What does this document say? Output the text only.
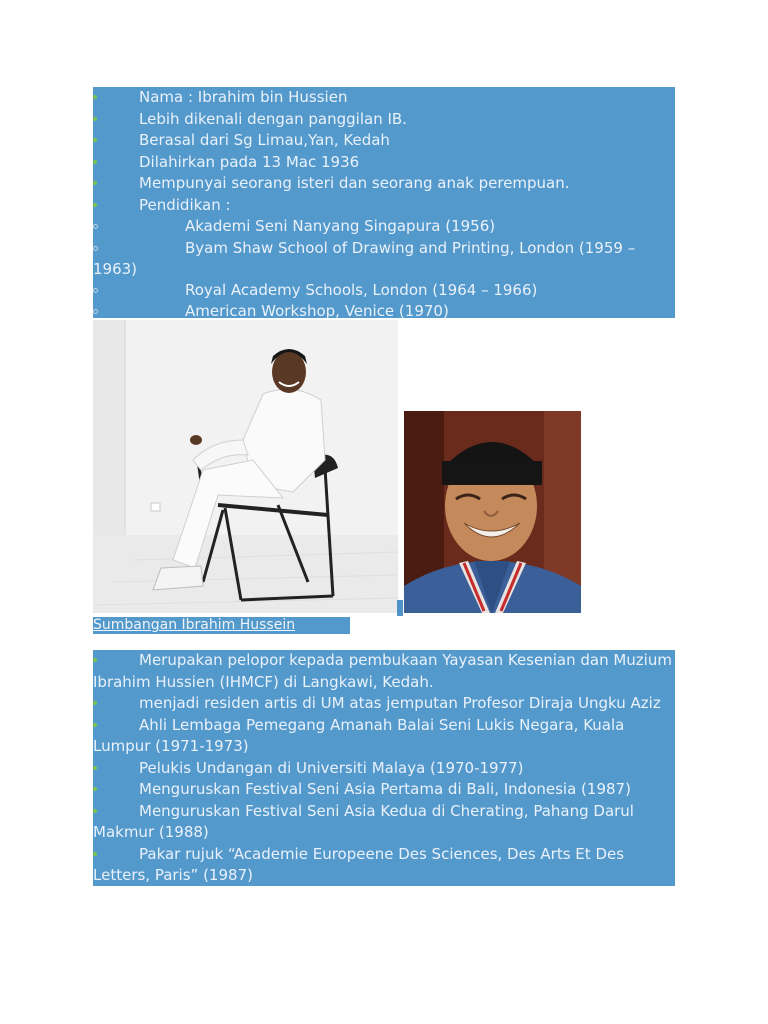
Nama : Ibrahim bin Hussien
Lebih dikenali dengan panggilan IB.
Berasal dari Sg Limau,Yan, Kedah
Dilahirkan pada 13 Mac 1936
Mempunyai seorang isteri dan seorang anak perempuan.
Pendidikan :
Akademi Seni Nanyang Singapura (1956)
Byam Shaw School of Drawing and Printing, London (1959 – 1963)
Royal Academy Schools, London (1964 – 1966)
American Workshop, Venice (1970)
Sumbangan Ibrahim Hussein
Merupakan pelopor kepada pembukaan Yayasan Kesenian dan Muzium Ibrahim Hussien (IHMCF) di Langkawi, Kedah.
menjadi residen artis di UM atas jemputan Profesor Diraja Ungku Aziz
Ahli Lembaga Pemegang Amanah Balai Seni Lukis Negara, Kuala Lumpur (1971-1973)
Pelukis Undangan di Universiti Malaya (1970-1977)
Menguruskan Festival Seni Asia Pertama di Bali, Indonesia (1987)
Menguruskan Festival Seni Asia Kedua di Cherating, Pahang Darul Makmur (1988)
Pakar rujuk “Academie Europeene Des Sciences, Des Arts Et Des Letters, Paris” (1987)
